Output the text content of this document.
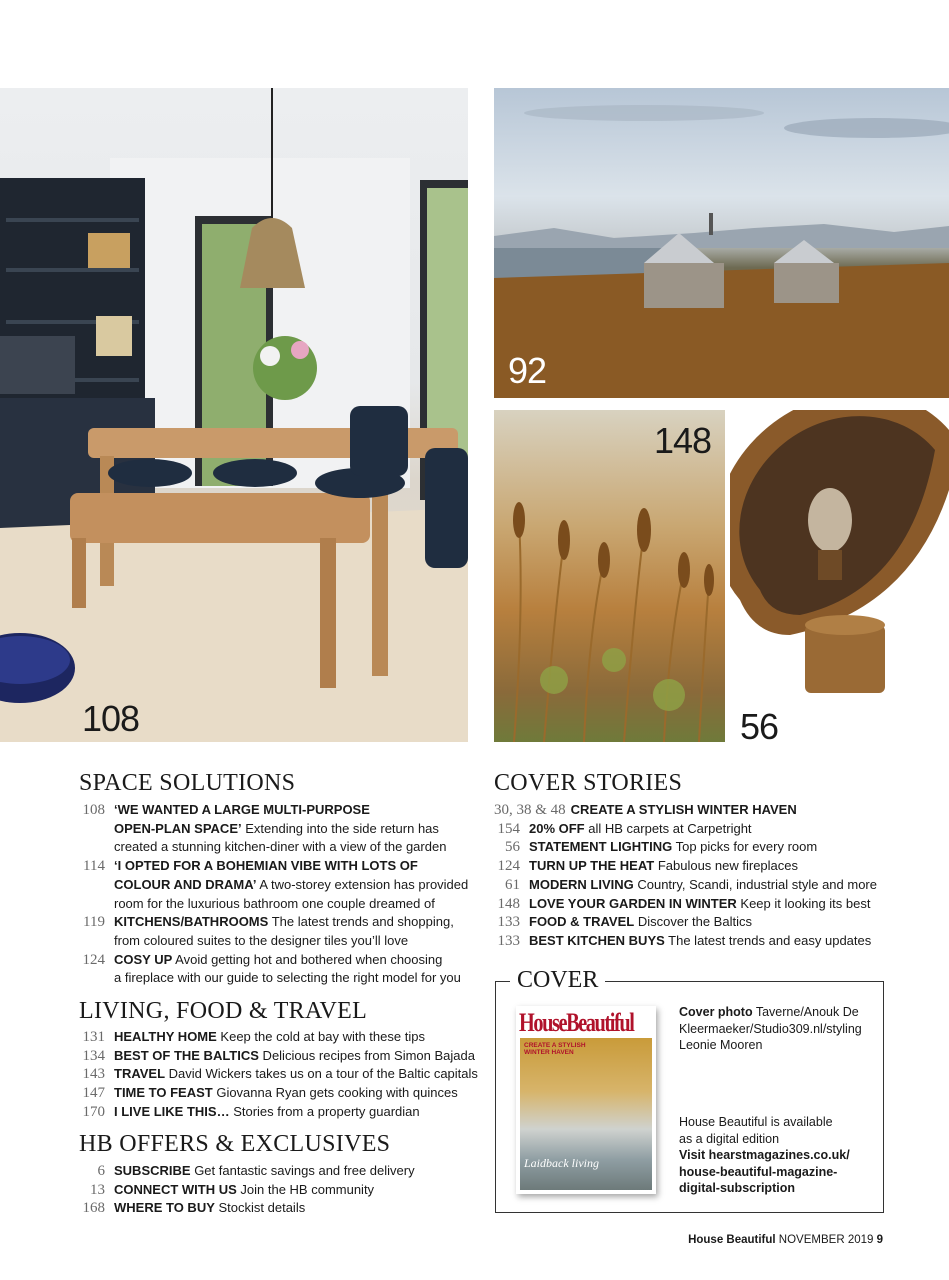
108
92
148
56
SPACE SOLUTIONS
108 ‘WE WANTED A LARGE MULTI-PURPOSE
OPEN-PLAN SPACE’ Extending into the side return has
created a stunning kitchen-diner with a view of the garden
114 ‘I OPTED FOR A BOHEMIAN VIBE WITH LOTS OF
COLOUR AND DRAMA’ A two-storey extension has provided
room for the luxurious bathroom one couple dreamed of
119 KITCHENS/BATHROOMS The latest trends and shopping,
from coloured suites to the designer tiles you’ll love
124 COSY UP Avoid getting hot and bothered when choosing
a fireplace with our guide to selecting the right model for you
LIVING, FOOD & TRAVEL
131 HEALTHY HOME Keep the cold at bay with these tips
134 BEST OF THE BALTICS Delicious recipes from Simon Bajada
143 TRAVEL David Wickers takes us on a tour of the Baltic capitals
147 TIME TO FEAST Giovanna Ryan gets cooking with quinces
170 I LIVE LIKE THIS… Stories from a property guardian
HB OFFERS & EXCLUSIVES
6 SUBSCRIBE Get fantastic savings and free delivery
13 CONNECT WITH US Join the HB community
168 WHERE TO BUY Stockist details
COVER STORIES
30, 38 & 48 CREATE A STYLISH WINTER HAVEN
154 20% OFF all HB carpets at Carpetright
56 STATEMENT LIGHTING Top picks for every room
124 TURN UP THE HEAT Fabulous new fireplaces
61 MODERN LIVING Country, Scandi, industrial style and more
148 LOVE YOUR GARDEN IN WINTER Keep it looking its best
133 FOOD & TRAVEL Discover the Baltics
133 BEST KITCHEN BUYS The latest trends and easy updates
COVER
HouseBeautiful
CREATE A STYLISH WINTER HAVEN
Laidback living
Cover photo Taverne/Anouk De
Kleermaeker/Studio309.nl/styling
Leonie Mooren
House Beautiful is available
as a digital edition
Visit hearstmagazines.co.uk/
house-beautiful-magazine-
digital-subscription
House Beautiful NOVEMBER 2019 9
